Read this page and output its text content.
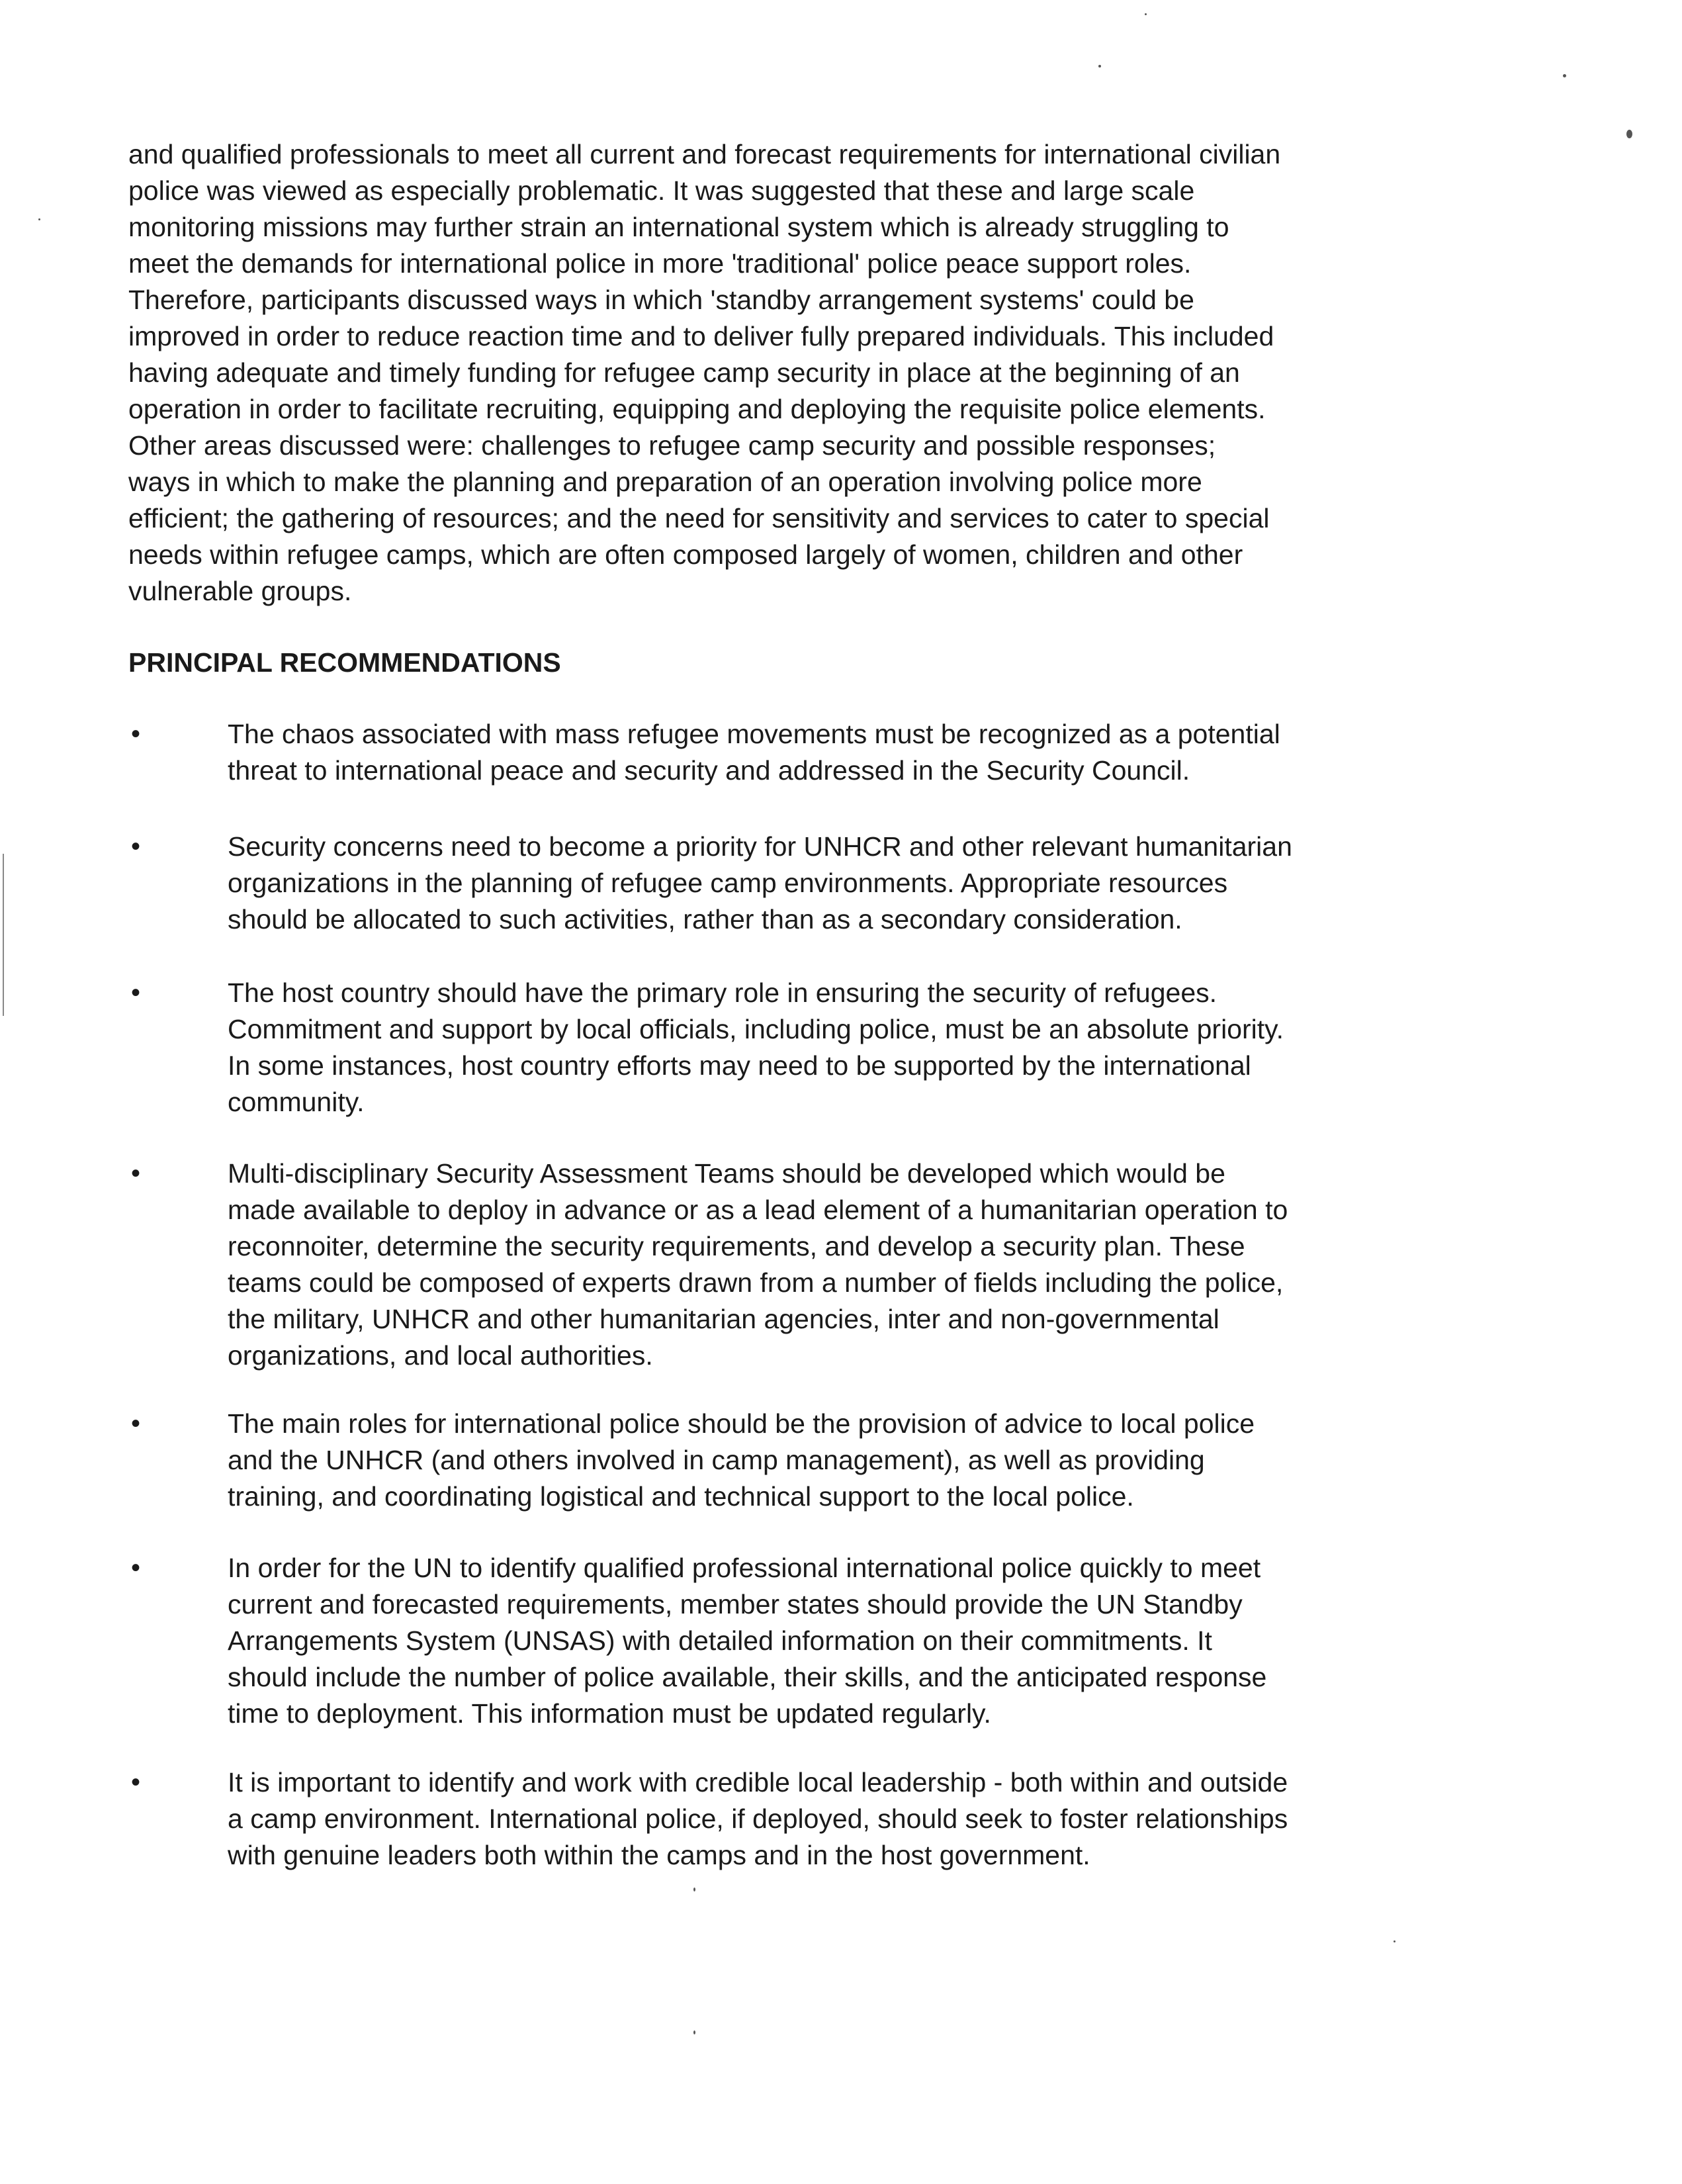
and qualified professionals to meet all current and forecast requirements for international civilian
police was viewed as especially problematic. It was suggested that these and large scale
monitoring missions may further strain an international system which is already struggling to
meet the demands for international police in more 'traditional' police peace support roles.
Therefore, participants discussed ways in which 'standby arrangement systems' could be
improved in order to reduce reaction time and to deliver fully prepared individuals. This included
having adequate and timely funding for refugee camp security in place at the beginning of an
operation in order to facilitate recruiting, equipping and deploying the requisite police elements.
Other areas discussed were: challenges to refugee camp security and possible responses;
ways in which to make the planning and preparation of an operation involving police more
efficient; the gathering of resources; and the need for sensitivity and services to cater to special
needs within refugee camps, which are often composed largely of women, children and other
vulnerable groups.

PRINCIPAL RECOMMENDATIONS
•	The chaos associated with mass refugee movements must be recognized as a potential
threat to international peace and security and addressed in the Security Council.

•	Security concerns need to become a priority for UNHCR and other relevant humanitarian
organizations in the planning of refugee camp environments. Appropriate resources
should be allocated to such activities, rather than as a secondary consideration.

•	The host country should have the primary role in ensuring the security of refugees.
Commitment and support by local officials, including police, must be an absolute priority.
In some instances, host country efforts may need to be supported by the international
community.

•	Multi-disciplinary Security Assessment Teams should be developed which would be
made available to deploy in advance or as a lead element of a humanitarian operation to
reconnoiter, determine the security requirements, and develop a security plan. These
teams could be composed of experts drawn from a number of fields including the police,
the military, UNHCR and other humanitarian agencies, inter and non-governmental
organizations, and local authorities.

•	The main roles for international police should be the provision of advice to local police
and the UNHCR (and others involved in camp management), as well as providing
training, and coordinating logistical and technical support to the local police.

•	In order for the UN to identify qualified professional international police quickly to meet
current and forecasted requirements, member states should provide the UN Standby
Arrangements System (UNSAS) with detailed information on their commitments. It
should include the number of police available, their skills, and the anticipated response
time to deployment. This information must be updated regularly.

•	It is important to identify and work with credible local leadership - both within and outside
a camp environment. International police, if deployed, should seek to foster relationships
with genuine leaders both within the camps and in the host government.
